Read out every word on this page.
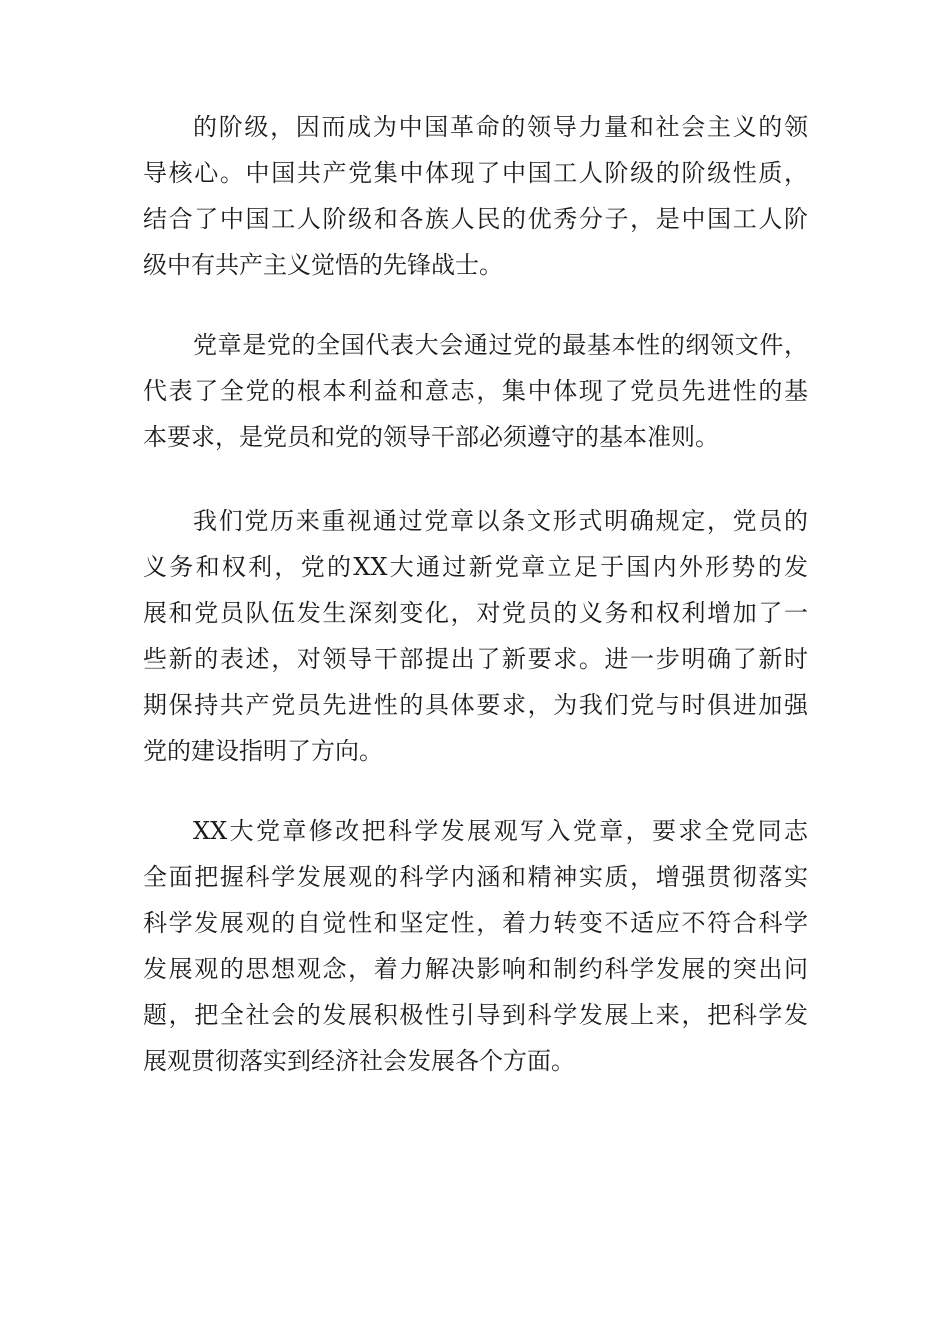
的阶级，因而成为中国革命的领导力量和社会主义的领
导核心。中国共产党集中体现了中国工人阶级的阶级性质，
结合了中国工人阶级和各族人民的优秀分子，是中国工人阶
级中有共产主义觉悟的先锋战士。
党章是党的全国代表大会通过党的最基本性的纲领文件，
代表了全党的根本利益和意志，集中体现了党员先进性的基
本要求，是党员和党的领导干部必须遵守的基本准则。
我们党历来重视通过党章以条文形式明确规定，党员的
义务和权利，党的XX大通过新党章立足于国内外形势的发
展和党员队伍发生深刻变化，对党员的义务和权利增加了一
些新的表述，对领导干部提出了新要求。进一步明确了新时
期保持共产党员先进性的具体要求，为我们党与时俱进加强
党的建设指明了方向。
XX大党章修改把科学发展观写入党章，要求全党同志
全面把握科学发展观的科学内涵和精神实质，增强贯彻落实
科学发展观的自觉性和坚定性，着力转变不适应不符合科学
发展观的思想观念，着力解决影响和制约科学发展的突出问
题，把全社会的发展积极性引导到科学发展上来，把科学发
展观贯彻落实到经济社会发展各个方面。
